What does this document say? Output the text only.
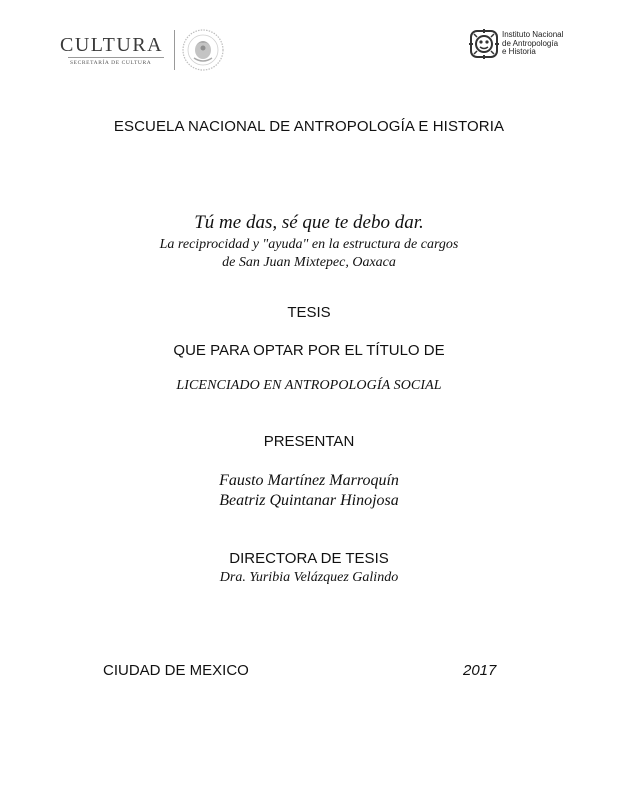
CULTURA
SECRETARÍA DE CULTURA
Instituto Nacional
de Antropología
e Historia
ESCUELA NACIONAL DE ANTROPOLOGÍA E HISTORIA
Tú me das, sé que te debo dar.
La reciprocidad y "ayuda" en la estructura de cargos
de San Juan Mixtepec, Oaxaca
TESIS
QUE PARA OPTAR POR EL TÍTULO DE
LICENCIADO EN ANTROPOLOGÍA SOCIAL
PRESENTAN
Fausto Martínez Marroquín
Beatriz Quintanar Hinojosa
DIRECTORA DE TESIS
Dra. Yuribia Velázquez Galindo
CIUDAD DE MEXICO	2017
